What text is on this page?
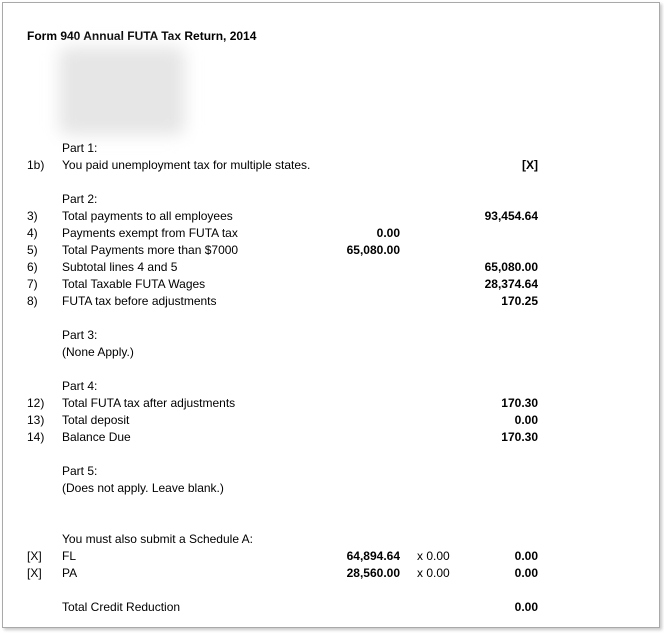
Form 940 Annual FUTA Tax Return, 2014
Part 1:
1b) You paid unemployment tax for multiple states.	[X]
Part 2:
3) Total payments to all employees	93,454.64
4) Payments exempt from FUTA tax	0.00
5) Total Payments more than $7000	65,080.00
6) Subtotal lines 4 and 5	65,080.00
7) Total Taxable FUTA Wages	28,374.64
8) FUTA tax before adjustments	170.25
Part 3:
(None Apply.)
Part 4:
12) Total FUTA tax after adjustments	170.30
13) Total deposit	0.00
14) Balance Due	170.30
Part 5:
(Does not apply. Leave blank.)
You must also submit a Schedule A:
[X] FL	64,894.64 x 0.00	0.00
[X] PA	28,560.00 x 0.00	0.00
Total Credit Reduction	0.00
